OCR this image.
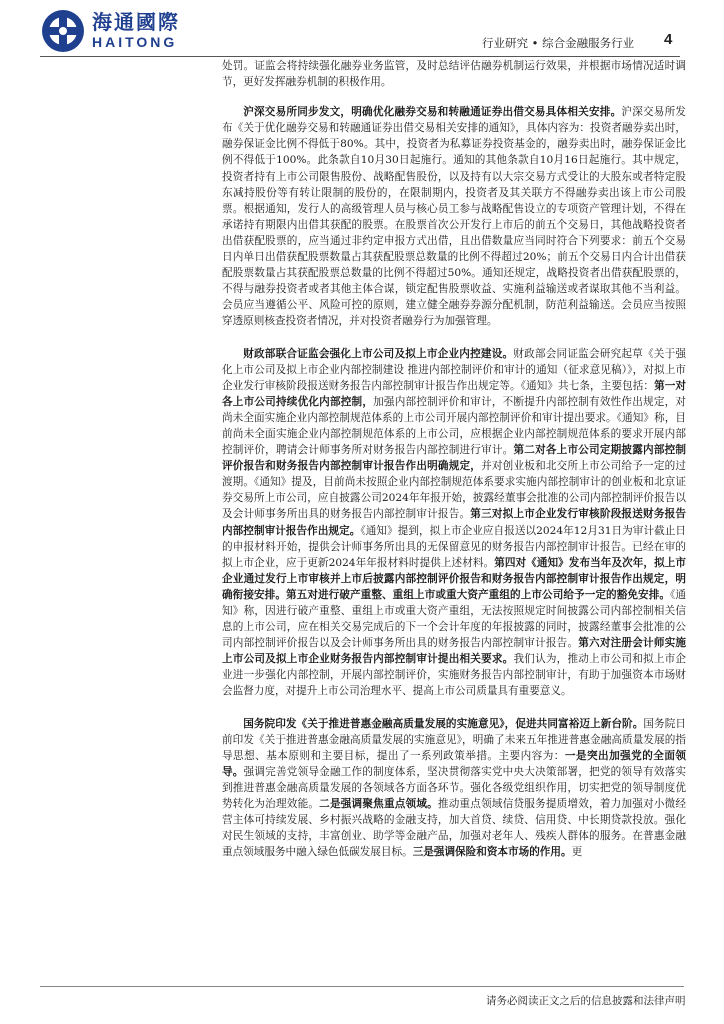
海通國際
HAITONG	行业研究 • 综合金融服务行业 4

处罚。证监会将持续强化融券业务监管，及时总结评估融券机制运行效果，并根据市场情况适时调节，更好发挥融券机制的积极作用。

沪深交易所同步发文，明确优化融券交易和转融通证券出借交易具体相关安排。沪深交易所发布《关于优化融券交易和转融通证券出借交易相关安排的通知》，具体内容为：投资者融券卖出时，融券保证金比例不得低于80%。其中，投资者为私募证券投资基金的，融券卖出时，融券保证金比例不得低于100%。此条款自10月30日起施行。通知的其他条款自10月16日起施行。其中规定，投资者持有上市公司限售股份、战略配售股份，以及持有以大宗交易方式受让的大股东或者特定股东减持股份等有转让限制的股份的，在限制期内，投资者及其关联方不得融券卖出该上市公司股票。根据通知，发行人的高级管理人员与核心员工参与战略配售设立的专项资产管理计划，不得在承诺持有期限内出借其获配的股票。在股票首次公开发行上市后的前五个交易日，其他战略投资者出借获配股票的，应当通过非约定申报方式出借，且出借数量应当同时符合下列要求：前五个交易日内单日出借获配股票数量占其获配股票总数量的比例不得超过20%；前五个交易日内合计出借获配股票数量占其获配股票总数量的比例不得超过50%。通知还规定，战略投资者出借获配股票的，不得与融券投资者或者其他主体合谋，锁定配售股票收益、实施利益输送或者谋取其他不当利益。会员应当遵循公平、风险可控的原则，建立健全融券券源分配机制，防范利益输送。会员应当按照穿透原则核查投资者情况，并对投资者融券行为加强管理。

财政部联合证监会强化上市公司及拟上市企业内控建设。财政部会同证监会研究起草《关于强化上市公司及拟上市企业内部控制建设 推进内部控制评价和审计的通知（征求意见稿）》，对拟上市企业发行审核阶段报送财务报告内部控制审计报告作出规定等。《通知》共七条，主要包括：第一对各上市公司持续优化内部控制，加强内部控制评价和审计，不断提升内部控制有效性作出规定，对尚未全面实施企业内部控制规范体系的上市公司开展内部控制评价和审计提出要求。《通知》称，目前尚未全面实施企业内部控制规范体系的上市公司，应根据企业内部控制规范体系的要求开展内部控制评价，聘请会计师事务所对财务报告内部控制进行审计。第二对各上市公司定期披露内部控制评价报告和财务报告内部控制审计报告作出明确规定，并对创业板和北交所上市公司给予一定的过渡期。《通知》提及，目前尚未按照企业内部控制规范体系要求实施内部控制审计的创业板和北京证券交易所上市公司，应自披露公司2024年年报开始，披露经董事会批准的公司内部控制评价报告以及会计师事务所出具的财务报告内部控制审计报告。第三对拟上市企业发行审核阶段报送财务报告内部控制审计报告作出规定。《通知》提到，拟上市企业应自报送以2024年12月31日为审计截止日的申报材料开始，提供会计师事务所出具的无保留意见的财务报告内部控制审计报告。已经在审的拟上市企业，应于更新2024年年报材料时提供上述材料。第四对《通知》发布当年及次年，拟上市企业通过发行上市审核并上市后披露内部控制评价报告和财务报告内部控制审计报告作出规定，明确衔接安排。第五对进行破产重整、重组上市或重大资产重组的上市公司给予一定的豁免安排。《通知》称，因进行破产重整、重组上市或重大资产重组，无法按照规定时间披露公司内部控制相关信息的上市公司，应在相关交易完成后的下一个会计年度的年报披露的同时，披露经董事会批准的公司内部控制评价报告以及会计师事务所出具的财务报告内部控制审计报告。第六对注册会计师实施上市公司及拟上市企业财务报告内部控制审计提出相关要求。我们认为，推动上市公司和拟上市企业进一步强化内部控制，开展内部控制评价，实施财务报告内部控制审计，有助于加强资本市场财会监督力度，对提升上市公司治理水平、提高上市公司质量具有重要意义。

国务院印发《关于推进普惠金融高质量发展的实施意见》，促进共同富裕迈上新台阶。国务院日前印发《关于推进普惠金融高质量发展的实施意见》，明确了未来五年推进普惠金融高质量发展的指导思想、基本原则和主要目标，提出了一系列政策举措。主要内容为：一是突出加强党的全面领导。强调完善党领导金融工作的制度体系，坚决贯彻落实党中央大决策部署，把党的领导有效落实到推进普惠金融高质量发展的各领域各方面各环节。强化各级党组织作用，切实把党的领导制度优势转化为治理效能。二是强调聚焦重点领域。推动重点领域信贷服务提质增效，着力加强对小微经营主体可持续发展、乡村振兴战略的金融支持，加大首贷、续贷、信用贷、中长期贷款投放。强化对民生领域的支持，丰富创业、助学等金融产品，加强对老年人、残疾人群体的服务。在普惠金融重点领域服务中融入绿色低碳发展目标。三是强调保险和资本市场的作用。更

请务必阅读正文之后的信息披露和法律声明
